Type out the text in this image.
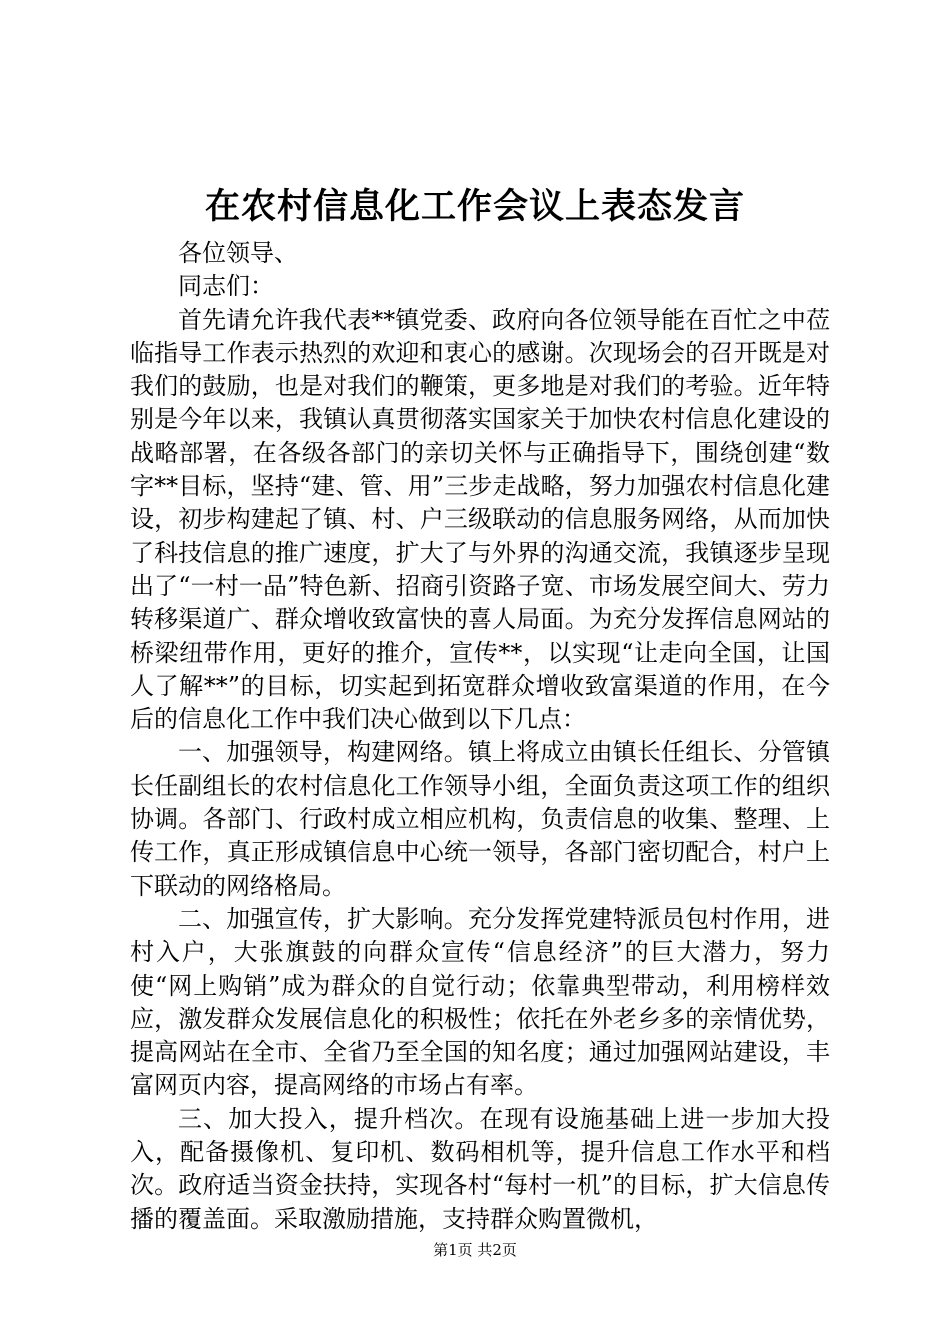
在农村信息化工作会议上表态发言

各位领导、

同志们：

首先请允许我代表**镇党委、政府向各位领导能在百忙之中莅临指导工作表示热烈的欢迎和衷心的感谢。次现场会的召开既是对我们的鼓励，也是对我们的鞭策，更多地是对我们的考验。近年特别是今年以来，我镇认真贯彻落实国家关于加快农村信息化建设的战略部署，在各级各部门的亲切关怀与正确指导下，围绕创建“数字**目标，坚持“建、管、用”三步走战略，努力加强农村信息化建设，初步构建起了镇、村、户三级联动的信息服务网络，从而加快了科技信息的推广速度，扩大了与外界的沟通交流，我镇逐步呈现出了“一村一品”特色新、招商引资路子宽、市场发展空间大、劳力转移渠道广、群众增收致富快的喜人局面。为充分发挥信息网站的桥梁纽带作用，更好的推介，宣传**，以实现“让走向全国，让国人了解**”的目标，切实起到拓宽群众增收致富渠道的作用，在今后的信息化工作中我们决心做到以下几点：

一、加强领导，构建网络。镇上将成立由镇长任组长、分管镇长任副组长的农村信息化工作领导小组，全面负责这项工作的组织协调。各部门、行政村成立相应机构，负责信息的收集、整理、上传工作，真正形成镇信息中心统一领导，各部门密切配合，村户上下联动的网络格局。

二、加强宣传，扩大影响。充分发挥党建特派员包村作用，进村入户，大张旗鼓的向群众宣传“信息经济”的巨大潜力，努力使“网上购销”成为群众的自觉行动；依靠典型带动，利用榜样效应，激发群众发展信息化的积极性；依托在外老乡多的亲情优势，提高网站在全市、全省乃至全国的知名度；通过加强网站建设，丰富网页内容，提高网络的市场占有率。

三、加大投入，提升档次。在现有设施基础上进一步加大投入，配备摄像机、复印机、数码相机等，提升信息工作水平和档次。政府适当资金扶持，实现各村“每村一机”的目标，扩大信息传播的覆盖面。采取激励措施，支持群众购置微机，

第1页 共2页
